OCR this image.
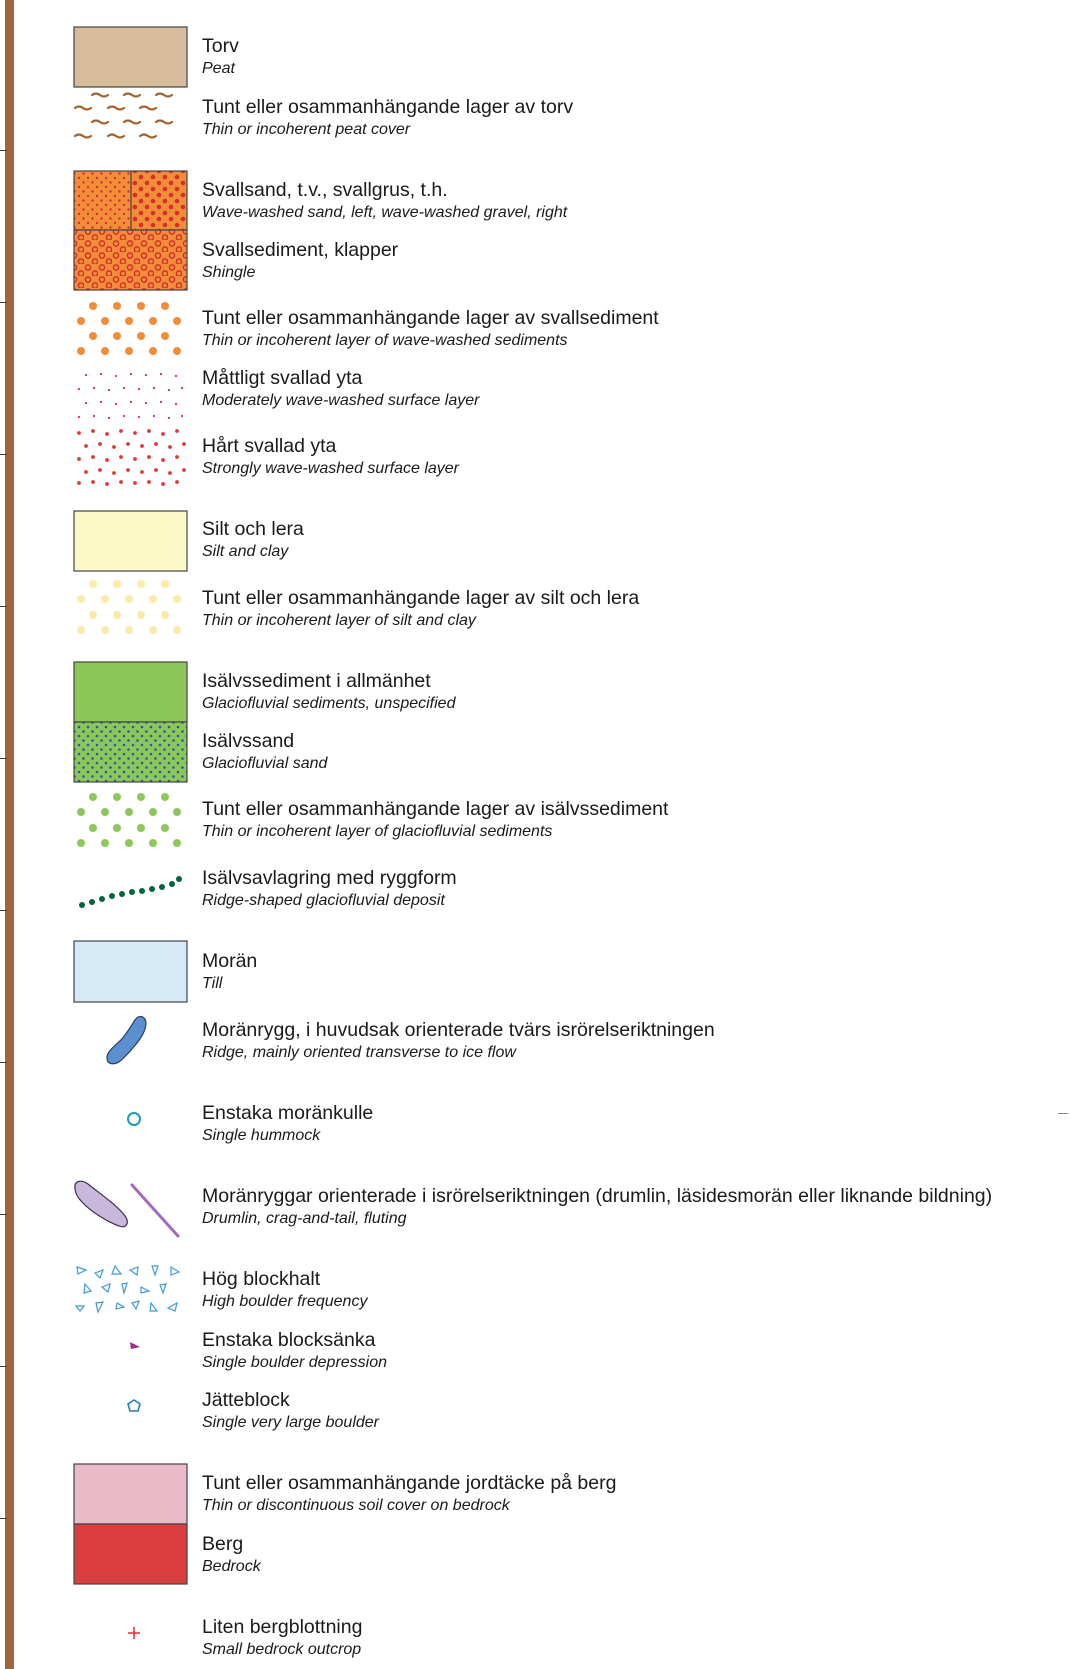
Torv
Peat
Tunt eller osammanhängande lager av torv
Thin or incoherent peat cover
Svallsand, t.v., svallgrus, t.h.
Wave-washed sand, left, wave-washed gravel, right
Svallsediment, klapper
Shingle
Tunt eller osammanhängande lager av svallsediment
Thin or incoherent layer of wave-washed sediments
Måttligt svallad yta
Moderately wave-washed surface layer
Hårt svallad yta
Strongly wave-washed surface layer
Silt och lera
Silt and clay
Tunt eller osammanhängande lager av silt och lera
Thin or incoherent layer of silt and clay
Isälvssediment i allmänhet
Glaciofluvial sediments, unspecified
Isälvssand
Glaciofluvial sand
Tunt eller osammanhängande lager av isälvssediment
Thin or incoherent layer of glaciofluvial sediments
Isälvsavlagring med ryggform
Ridge-shaped glaciofluvial deposit
Morän
Till
Moränrygg, i huvudsak orienterade tvärs isrörelseriktningen
Ridge, mainly oriented transverse to ice flow
Enstaka moränkulle
Single hummock
Moränryggar orienterade i isrörelseriktningen (drumlin, läsidesmorän eller liknande bildning)
Drumlin, crag-and-tail, fluting
Hög blockhalt
High boulder frequency
Enstaka blocksänka
Single boulder depression
Jätteblock
Single very large boulder
Tunt eller osammanhängande jordtäcke på berg
Thin or discontinuous soil cover on bedrock
Berg
Bedrock
Liten bergblottning
Small bedrock outcrop
